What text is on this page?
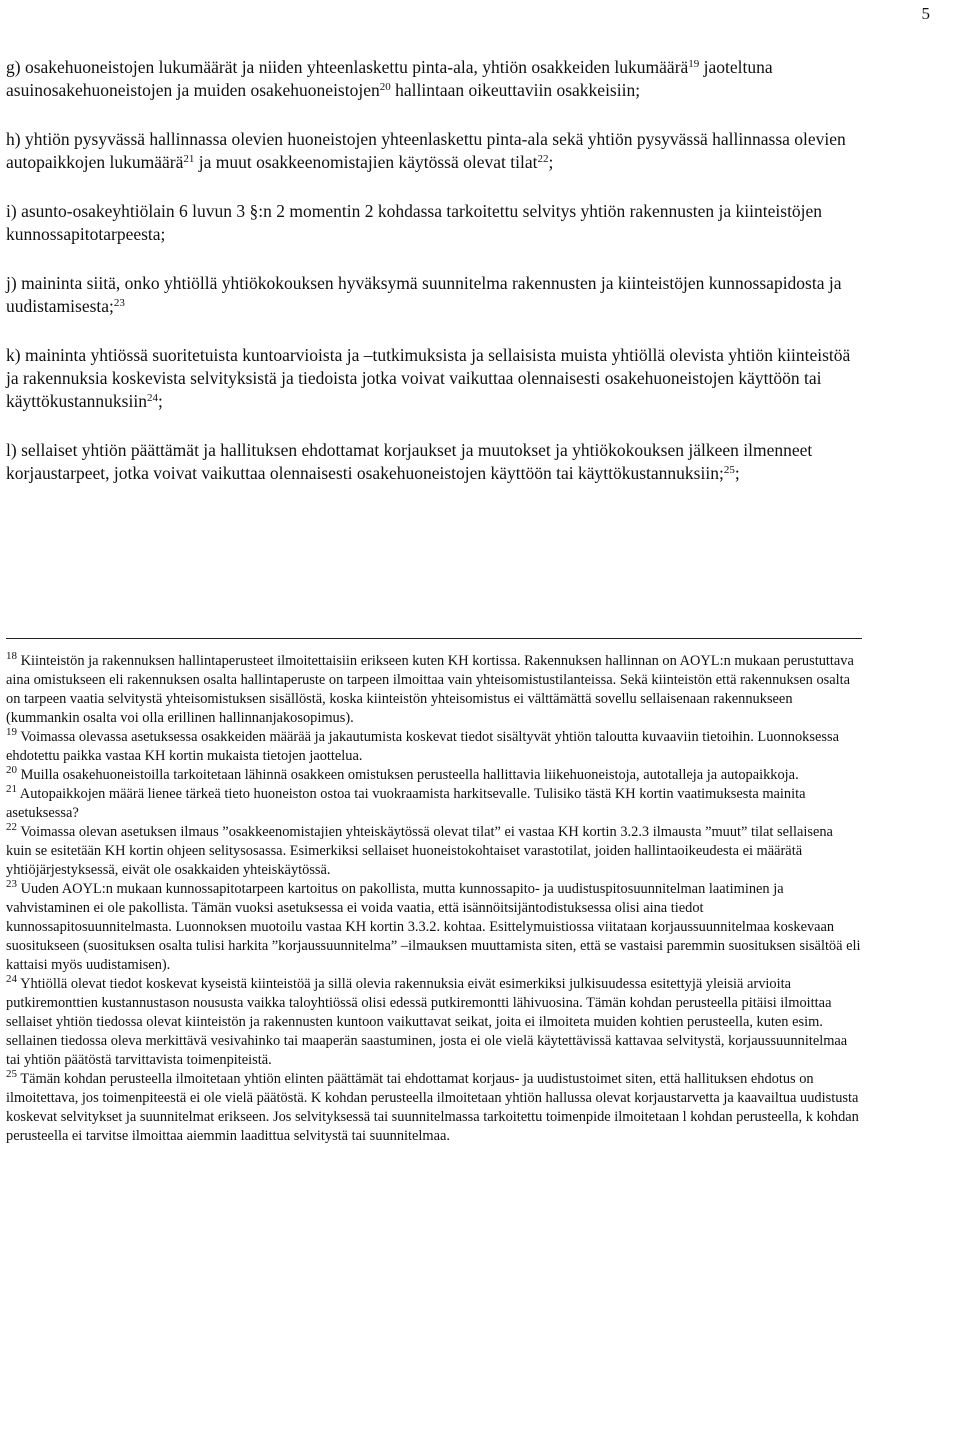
5

g) osakehuoneistojen lukumäärät ja niiden yhteenlaskettu pinta-ala, yhtiön osakkeiden lukumäärä$^{19}$ jaoteltuna asuinosakehuoneistojen ja muiden osakehuoneistojen$^{20}$ hallintaan oikeuttaviin osakkeisiin;

h) yhtiön pysyvässä hallinnassa olevien huoneistojen yhteenlaskettu pinta-ala sekä yhtiön pysyvässä hallinnassa olevien autopaikkojen lukumäärä$^{21}$ ja muut osakkeenomistajien käytössä olevat tilat$^{22}$;

i) asunto-osakeyhtiölain 6 luvun 3 §:n 2 momentin 2 kohdassa tarkoitettu selvitys yhtiön rakennusten ja kiinteistöjen kunnossapitotarpeesta;

j) maininta siitä, onko yhtiöllä yhtiökokouksen hyväksymä suunnitelma rakennusten ja kiinteistöjen kunnossapidosta ja uudistamisesta;$^{23}$

k) maininta yhtiössä suoritetuista kuntoarvioista ja –tutkimuksista ja sellaisista muista yhtiöllä olevista yhtiön kiinteistöä ja rakennuksia koskevista selvityksistä ja tiedoista jotka voivat vaikuttaa olennaisesti osakehuoneistojen käyttöön tai käyttökustannuksiin$^{24}$;

l) sellaiset yhtiön päättämät ja hallituksen ehdottamat korjaukset ja muutokset ja yhtiökokouksen jälkeen ilmenneet korjaustarpeet, jotka voivat vaikuttaa olennaisesti osakehuoneistojen käyttöön tai käyttökustannuksiin;$^{25}$;

$^{18}$ Kiinteistön ja rakennuksen hallintaperusteet ilmoitettaisiin erikseen kuten KH kortissa. Rakennuksen hallinnan on AOYL:n mukaan perustuttava aina omistukseen eli rakennuksen osalta hallintaperuste on tarpeen ilmoittaa vain yhteisomistustilanteissa. Sekä kiinteistön että rakennuksen osalta on tarpeen vaatia selvitystä yhteisomistuksen sisällöstä, koska kiinteistön yhteisomistus ei välttämättä sovellu sellaisenaan rakennukseen (kummankin osalta voi olla erillinen hallinnanjakosopimus).

$^{19}$ Voimassa olevassa asetuksessa osakkeiden määrää ja jakautumista koskevat tiedot sisältyvät yhtiön taloutta kuvaaviin tietoihin. Luonnoksessa ehdotettu paikka vastaa KH kortin mukaista tietojen jaottelua.

$^{20}$ Muilla osakehuoneistoilla tarkoitetaan lähinnä osakkeen omistuksen perusteella hallittavia liikehuoneistoja, autotalleja ja autopaikkoja.

$^{21}$ Autopaikkojen määrä lienee tärkeä tieto huoneiston ostoa tai vuokraamista harkitsevalle. Tulisiko tästä KH kortin vaatimuksesta mainita asetuksessa?

$^{22}$ Voimassa olevan asetuksen ilmaus ”osakkeenomistajien yhteiskäytössä olevat tilat” ei vastaa KH kortin 3.2.3 ilmausta ”muut” tilat sellaisena kuin se esitetään KH kortin ohjeen selitysosassa. Esimerkiksi sellaiset huoneistokohtaiset varastotilat, joiden hallintaoikeudesta ei määrätä yhtiöjärjestyksessä, eivät ole osakkaiden yhteiskäytössä.

$^{23}$ Uuden AOYL:n mukaan kunnossapitotarpeen kartoitus on pakollista, mutta kunnossapito- ja uudistuspitosuunnitelman laatiminen ja vahvistaminen ei ole pakollista. Tämän vuoksi asetuksessa ei voida vaatia, että isännöitsijäntodistuksessa olisi aina tiedot kunnossapitosuunnitelmasta. Luonnoksen muotoilu vastaa KH kortin 3.3.2. kohtaa. Esittelymuistiossa viitataan korjaussuunnitelmaa koskevaan suositukseen (suosituksen osalta tulisi harkita ”korjaussuunnitelma” –ilmauksen muuttamista siten, että se vastaisi paremmin suosituksen sisältöä eli kattaisi myös uudistamisen).

$^{24}$ Yhtiöllä olevat tiedot koskevat kyseistä kiinteistöä ja sillä olevia rakennuksia eivät esimerkiksi julkisuudessa esitettyjä yleisiä arvioita putkiremonttien kustannustason noususta vaikka taloyhtiössä olisi edessä putkiremontti lähivuosina. Tämän kohdan perusteella pitäisi ilmoittaa sellaiset yhtiön tiedossa olevat kiinteistön ja rakennusten kuntoon vaikuttavat seikat, joita ei ilmoiteta muiden kohtien perusteella, kuten esim. sellainen tiedossa oleva merkittävä vesivahinko tai maaperän saastuminen, josta ei ole vielä käytettävissä kattavaa selvitystä, korjaussuunnitelmaa tai yhtiön päätöstä tarvittavista toimenpiteistä.

$^{25}$ Tämän kohdan perusteella ilmoitetaan yhtiön elinten päättämät tai ehdottamat korjaus- ja uudistustoimet siten, että hallituksen ehdotus on ilmoitettava, jos toimenpiteestä ei ole vielä päätöstä. K kohdan perusteella ilmoitetaan yhtiön hallussa olevat korjaustarvetta ja kaavailtua uudistusta koskevat selvitykset ja suunnitelmat erikseen. Jos selvityksessä tai suunnitelmassa tarkoitettu toimenpide ilmoitetaan l kohdan perusteella, k kohdan perusteella ei tarvitse ilmoittaa aiemmin laadittua selvitystä tai suunnitelmaa.
